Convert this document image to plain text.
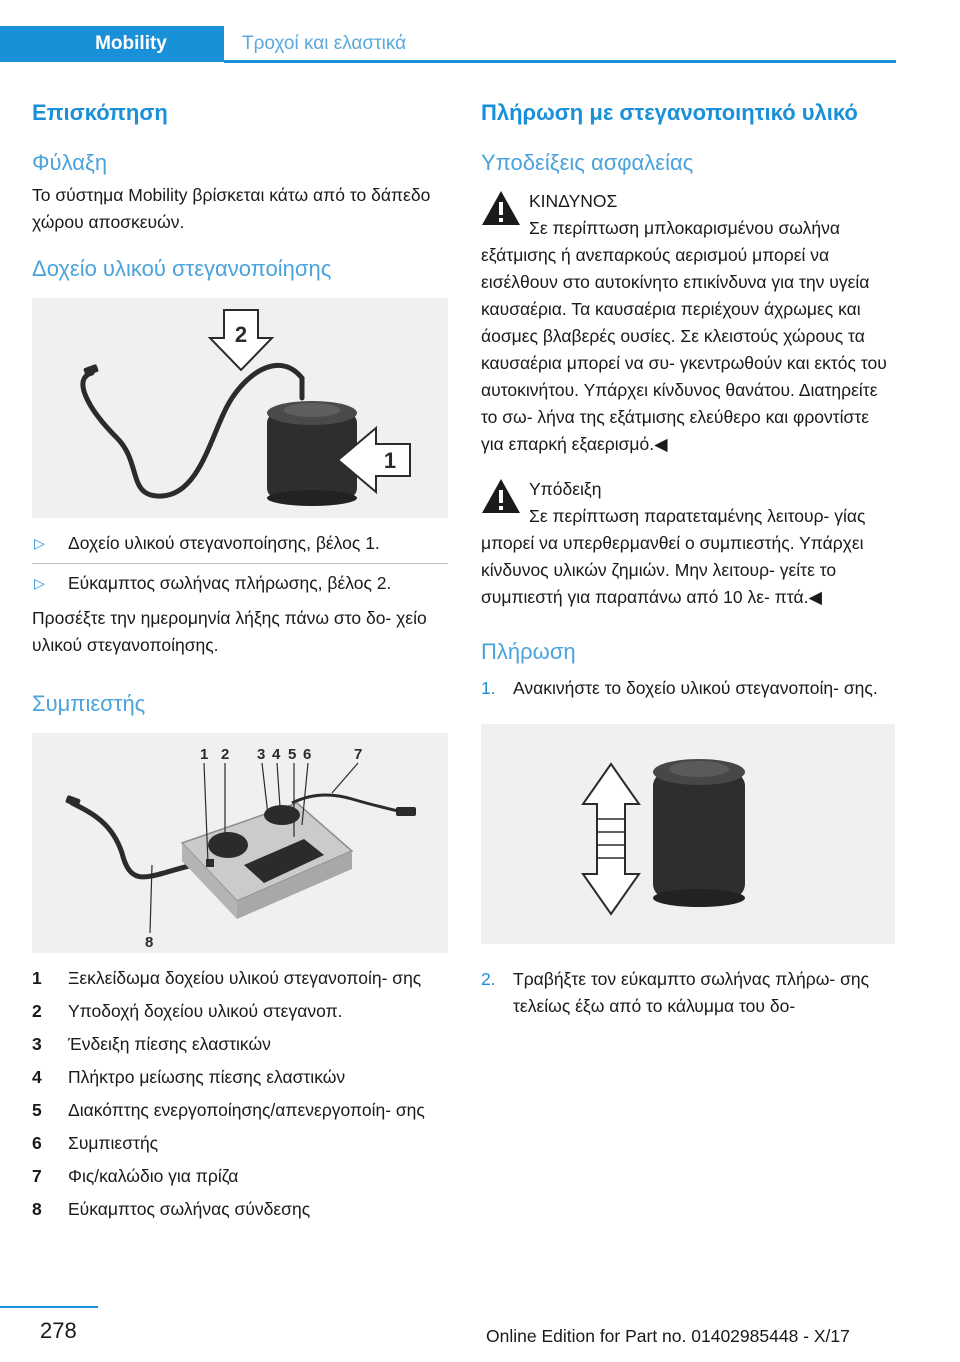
Mobility	Τροχοί και ελαστικά
Επισκόπηση
Φύλαξη

Το σύστημα Mobility βρίσκεται κάτω από το δάπεδο χώρου αποσκευών.

Δοχείο υλικού στεγανοποίησης
2
1
▷ Δοχείο υλικού στεγανοποίησης, βέλος 1.
▷ Εύκαμπτος σωλήνας πλήρωσης, βέλος 2.

Προσέξτε την ημερομηνία λήξης πάνω στο δο- χείο υλικού στεγανοποίησης.

Συμπιεστής
1 2 3 4 5 6	7
8
1 Ξεκλείδωμα δοχείου υλικού στεγανοποίη- σης
2 Υποδοχή δοχείου υλικού στεγανοπ.
3 Ένδειξη πίεσης ελαστικών
4 Πλήκτρο μείωσης πίεσης ελαστικών
5 Διακόπτης ενεργοποίησης/απενεργοποίη- σης
6 Συμπιεστής
7 Φις/καλώδιο για πρίζα
8 Εύκαμπτος σωλήνας σύνδεσης
Πλήρωση με στεγανοποιητικό υλικό
Υποδείξεις ασφαλείας
ΚΙΝΔΥΝΟΣ
Σε περίπτωση μπλοκαρισμένου σωλήνα εξάτμισης ή ανεπαρκούς αερισμού μπορεί να εισέλθουν στο αυτοκίνητο επικίνδυνα για την υγεία καυσαέρια. Τα καυσαέρια περιέχουν άχρωμες και άοσμες βλαβερές ουσίες. Σε κλειστούς χώρους τα καυσαέρια μπορεί να συ- γκεντρωθούν και εκτός του αυτοκινήτου. Υπάρχει κίνδυνος θανάτου. Διατηρείτε το σω- λήνα της εξάτμισης ελεύθερο και φροντίστε για επαρκή εξαερισμό.◀
Υπόδειξη
Σε περίπτωση παρατεταμένης λειτουρ- γίας μπορεί να υπερθερμανθεί ο συμπιεστής. Υπάρχει κίνδυνος υλικών ζημιών. Μην λειτουρ- γείτε το συμπιεστή για παραπάνω από 10 λε- πτά.◀
Πλήρωση
1. Ανακινήστε το δοχείο υλικού στεγανοποίη- σης.
2. Τραβήξτε τον εύκαμπτο σωλήνας πλήρω- σης τελείως έξω από το κάλυμμα του δο-
278	Online Edition for Part no. 01402985448 - X/17
